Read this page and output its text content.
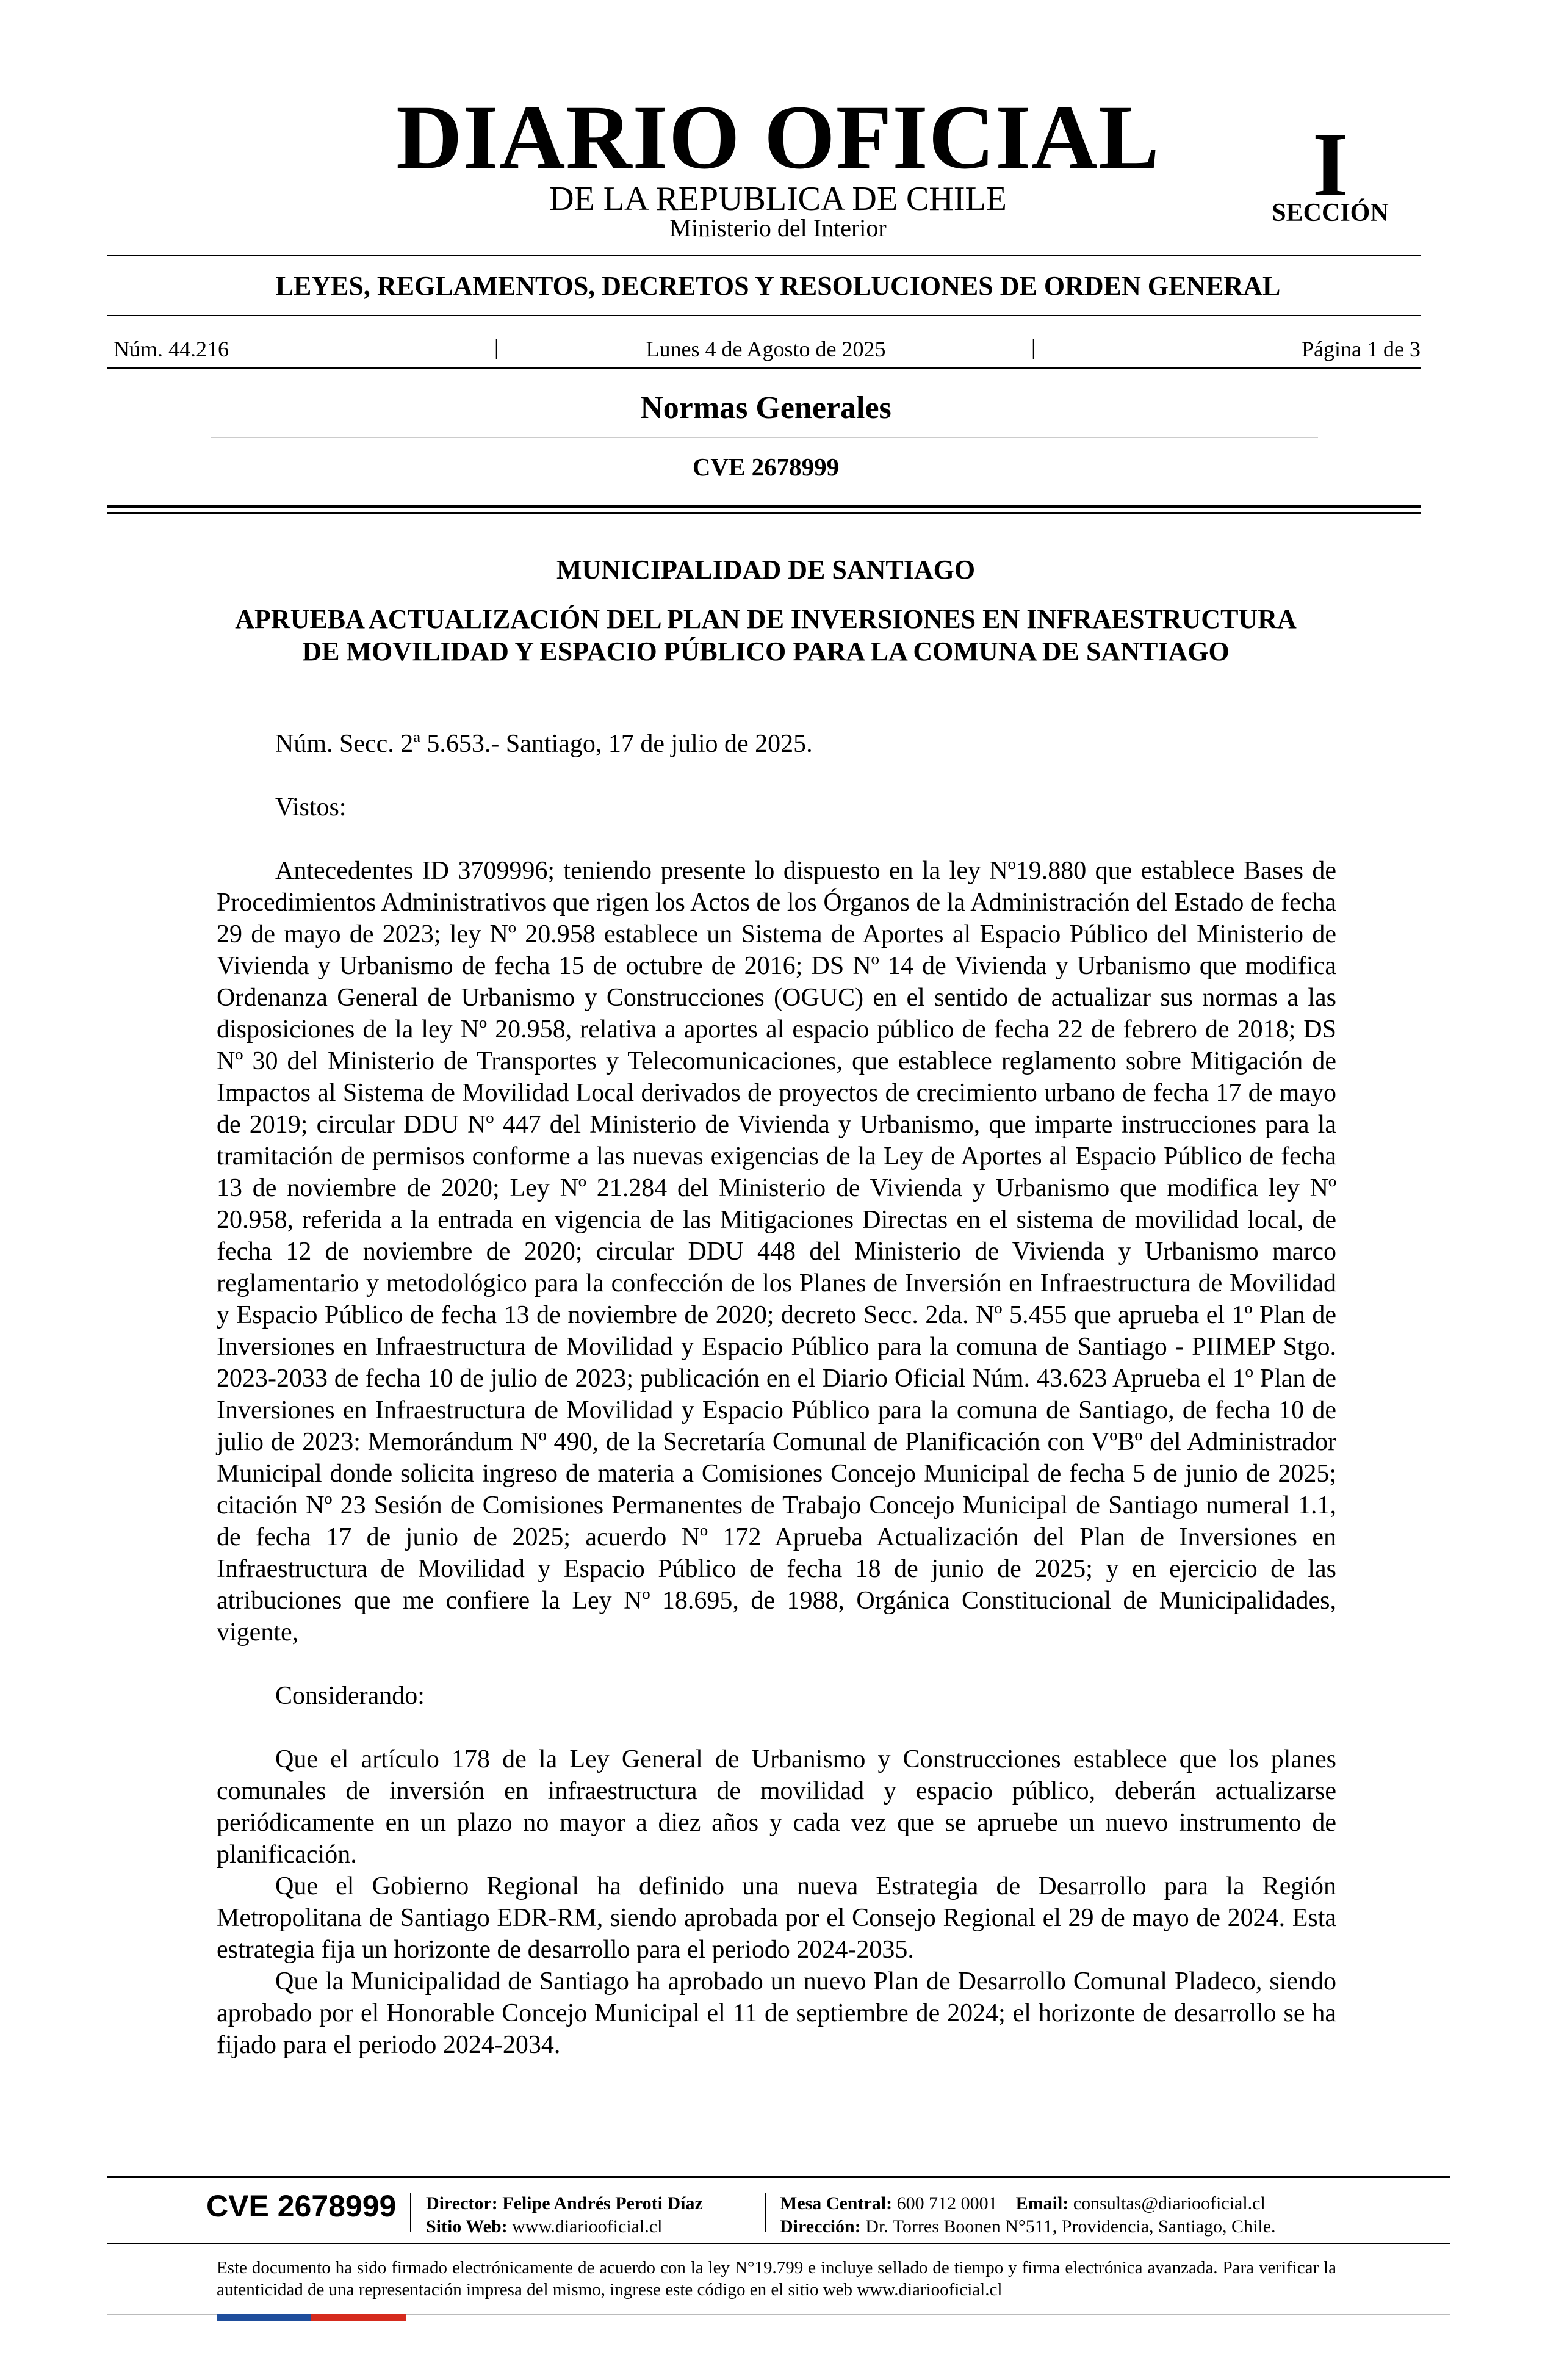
DIARIO OFICIAL
DE LA REPUBLICA DE CHILE
Ministerio del Interior
I
SECCIÓN
LEYES, REGLAMENTOS, DECRETOS Y RESOLUCIONES DE ORDEN GENERAL
Núm. 44.216	|	Lunes 4 de Agosto de 2025	|	Página 1 de 3
Normas Generales
CVE 2678999
MUNICIPALIDAD DE SANTIAGO
APRUEBA ACTUALIZACIÓN DEL PLAN DE INVERSIONES EN INFRAESTRUCTURA DE MOVILIDAD Y ESPACIO PÚBLICO PARA LA COMUNA DE SANTIAGO

Núm. Secc. 2ª 5.653.- Santiago, 17 de julio de 2025.

Vistos:

Antecedentes ID 3709996; teniendo presente lo dispuesto en la ley Nº19.880 que establece Bases de Procedimientos Administrativos que rigen los Actos de los Órganos de la Administración del Estado de fecha 29 de mayo de 2023; ley Nº 20.958 establece un Sistema de Aportes al Espacio Público del Ministerio de Vivienda y Urbanismo de fecha 15 de octubre de 2016; DS Nº 14 de Vivienda y Urbanismo que modifica Ordenanza General de Urbanismo y Construcciones (OGUC) en el sentido de actualizar sus normas a las disposiciones de la ley Nº 20.958, relativa a aportes al espacio público de fecha 22 de febrero de 2018; DS Nº 30 del Ministerio de Transportes y Telecomunicaciones, que establece reglamento sobre Mitigación de Impactos al Sistema de Movilidad Local derivados de proyectos de crecimiento urbano de fecha 17 de mayo de 2019; circular DDU Nº 447 del Ministerio de Vivienda y Urbanismo, que imparte instrucciones para la tramitación de permisos conforme a las nuevas exigencias de la Ley de Aportes al Espacio Público de fecha 13 de noviembre de 2020; Ley Nº 21.284 del Ministerio de Vivienda y Urbanismo que modifica ley Nº 20.958, referida a la entrada en vigencia de las Mitigaciones Directas en el sistema de movilidad local, de fecha 12 de noviembre de 2020; circular DDU 448 del Ministerio de Vivienda y Urbanismo marco reglamentario y metodológico para la confección de los Planes de Inversión en Infraestructura de Movilidad y Espacio Público de fecha 13 de noviembre de 2020; decreto Secc. 2da. Nº 5.455 que aprueba el 1º Plan de Inversiones en Infraestructura de Movilidad y Espacio Público para la comuna de Santiago - PIIMEP Stgo. 2023-2033 de fecha 10 de julio de 2023; publicación en el Diario Oficial Núm. 43.623 Aprueba el 1º Plan de Inversiones en Infraestructura de Movilidad y Espacio Público para la comuna de Santiago, de fecha 10 de julio de 2023: Memorándum Nº 490, de la Secretaría Comunal de Planificación con VºBº del Administrador Municipal donde solicita ingreso de materia a Comisiones Concejo Municipal de fecha 5 de junio de 2025; citación Nº 23 Sesión de Comisiones Permanentes de Trabajo Concejo Municipal de Santiago numeral 1.1, de fecha 17 de junio de 2025; acuerdo Nº 172 Aprueba Actualización del Plan de Inversiones en Infraestructura de Movilidad y Espacio Público de fecha 18 de junio de 2025; y en ejercicio de las atribuciones que me confiere la Ley Nº 18.695, de 1988, Orgánica Constitucional de Municipalidades, vigente,

Considerando:

Que el artículo 178 de la Ley General de Urbanismo y Construcciones establece que los planes comunales de inversión en infraestructura de movilidad y espacio público, deberán actualizarse periódicamente en un plazo no mayor a diez años y cada vez que se apruebe un nuevo instrumento de planificación.

Que el Gobierno Regional ha definido una nueva Estrategia de Desarrollo para la Región Metropolitana de Santiago EDR-RM, siendo aprobada por el Consejo Regional el 29 de mayo de 2024. Esta estrategia fija un horizonte de desarrollo para el periodo 2024-2035.

Que la Municipalidad de Santiago ha aprobado un nuevo Plan de Desarrollo Comunal Pladeco, siendo aprobado por el Honorable Concejo Municipal el 11 de septiembre de 2024; el horizonte de desarrollo se ha fijado para el periodo 2024-2034.

CVE 2678999 Director: Felipe Andrés Peroti Díaz
Sitio Web: www.diariooficial.cl
Mesa Central: 600 712 0001 Email: consultas@diariooficial.cl
Dirección: Dr. Torres Boonen N°511, Providencia, Santiago, Chile.
Este documento ha sido firmado electrónicamente de acuerdo con la ley N°19.799 e incluye sellado de tiempo y firma electrónica avanzada. Para verificar la autenticidad de una representación impresa del mismo, ingrese este código en el sitio web www.diariooficial.cl
